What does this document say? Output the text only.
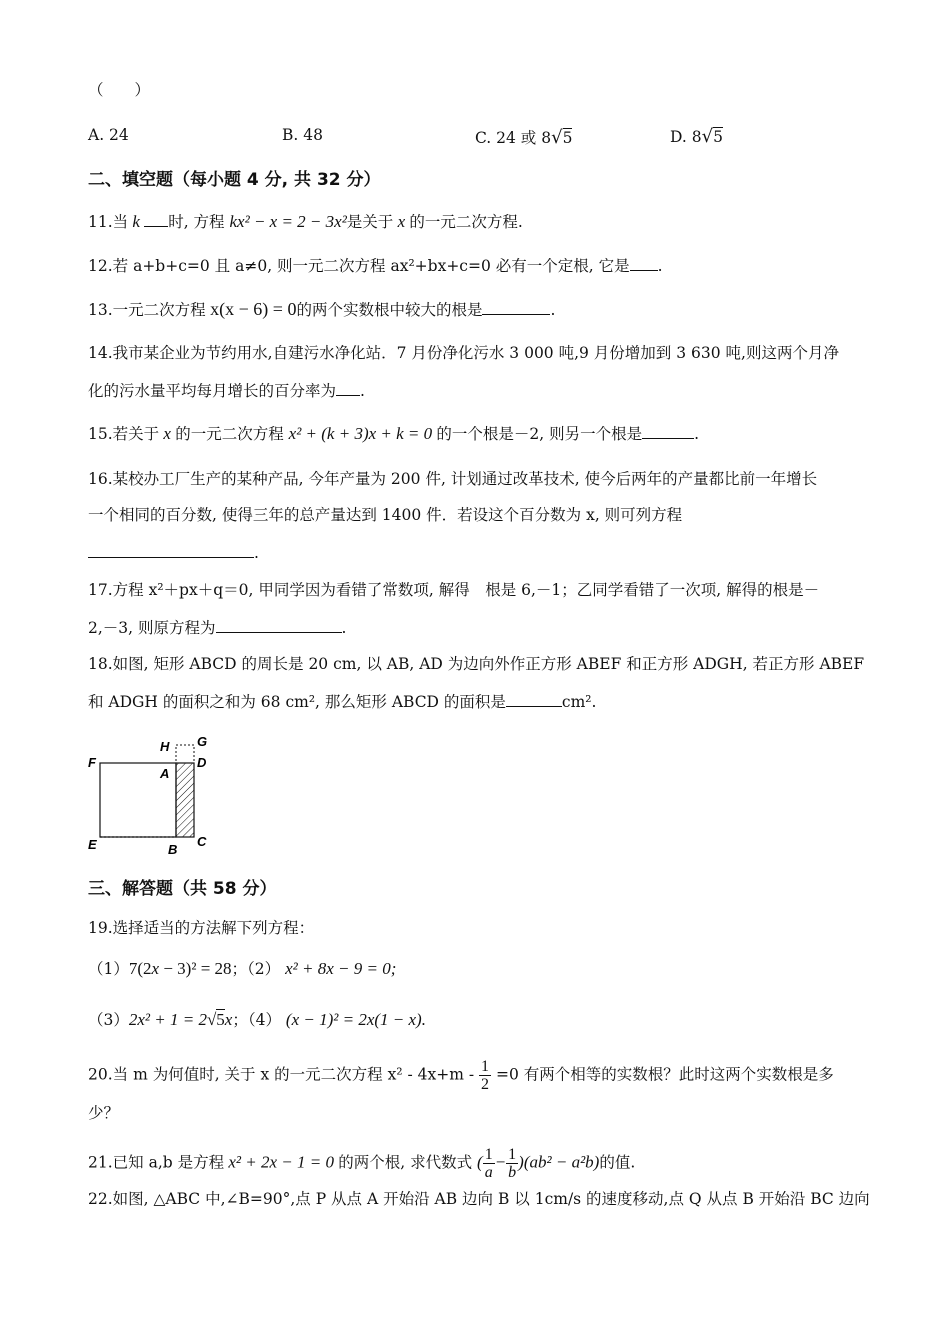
（　　）
A. 24	B. 48	C. 24 或 8√5	D. 8√5
二、填空题（每小题 4 分, 共 32 分）
11.当 k 时, 方程 kx² − x = 2 − 3x²是关于 x 的一元二次方程.
12.若 a+b+c=0 且 a≠0, 则一元二次方程 ax²+bx+c=0 必有一个定根, 它是 .
13.一元二次方程 x(x − 6) = 0的两个实数根中较大的根是	.
14.我市某企业为节约用水,自建污水净化站．7 月份净化污水 3 000 吨,9 月份增加到 3 630 吨,则这两个月净
化的污水量平均每月增长的百分率为 .
15.若关于 x 的一元二次方程 x² + (k + 3)x + k = 0 的一个根是－2, 则另一个根是	.
16.某校办工厂生产的某种产品, 今年产量为 200 件, 计划通过改革技术, 使今后两年的产量都比前一年增长
一个相同的百分数, 使得三年的总产量达到 1400 件．若设这个百分数为 x, 则可列方程
.
17.方程 x²＋px＋q＝0, 甲同学因为看错了常数项, 解得　根是 6,－1；乙同学看错了一次项, 解得的根是－
2,－3, 则原方程为	.
18.如图, 矩形 ABCD 的周长是 20 cm, 以 AB, AD 为边向外作正方形 ABEF 和正方形 ADGH, 若正方形 ABEF
和 ADGH 的面积之和为 68 cm², 那么矩形 ABCD 的面积是	cm².
F
H G
A
D
E	B
C
三、解答题（共 58 分）
19.选择适当的方法解下列方程：
（1）7(2x − 3)² = 28；（2） x² + 8x − 9 = 0;
（3）2x² + 1 = 2√5x；（4） (x − 1)² = 2x(1 − x).
20.当 m 为何值时, 关于 x 的一元二次方程 $x^2 - 4x+m - \frac{1}{2} =0$ 有两个相等的实数根？此时这两个实数根是多
少？
21.已知 a,b 是方程 x² + 2x − 1 = 0 的两个根, 求代数式 ( $\frac{1}{a} - \frac{1}{b} )(ab^2 - a^2b)$的值.
22.如图, △ABC 中,∠B=90°,点 P 从点 A 开始沿 AB 边向 B 以 1cm/s 的速度移动,点 Q 从点 B 开始沿 BC 边向
